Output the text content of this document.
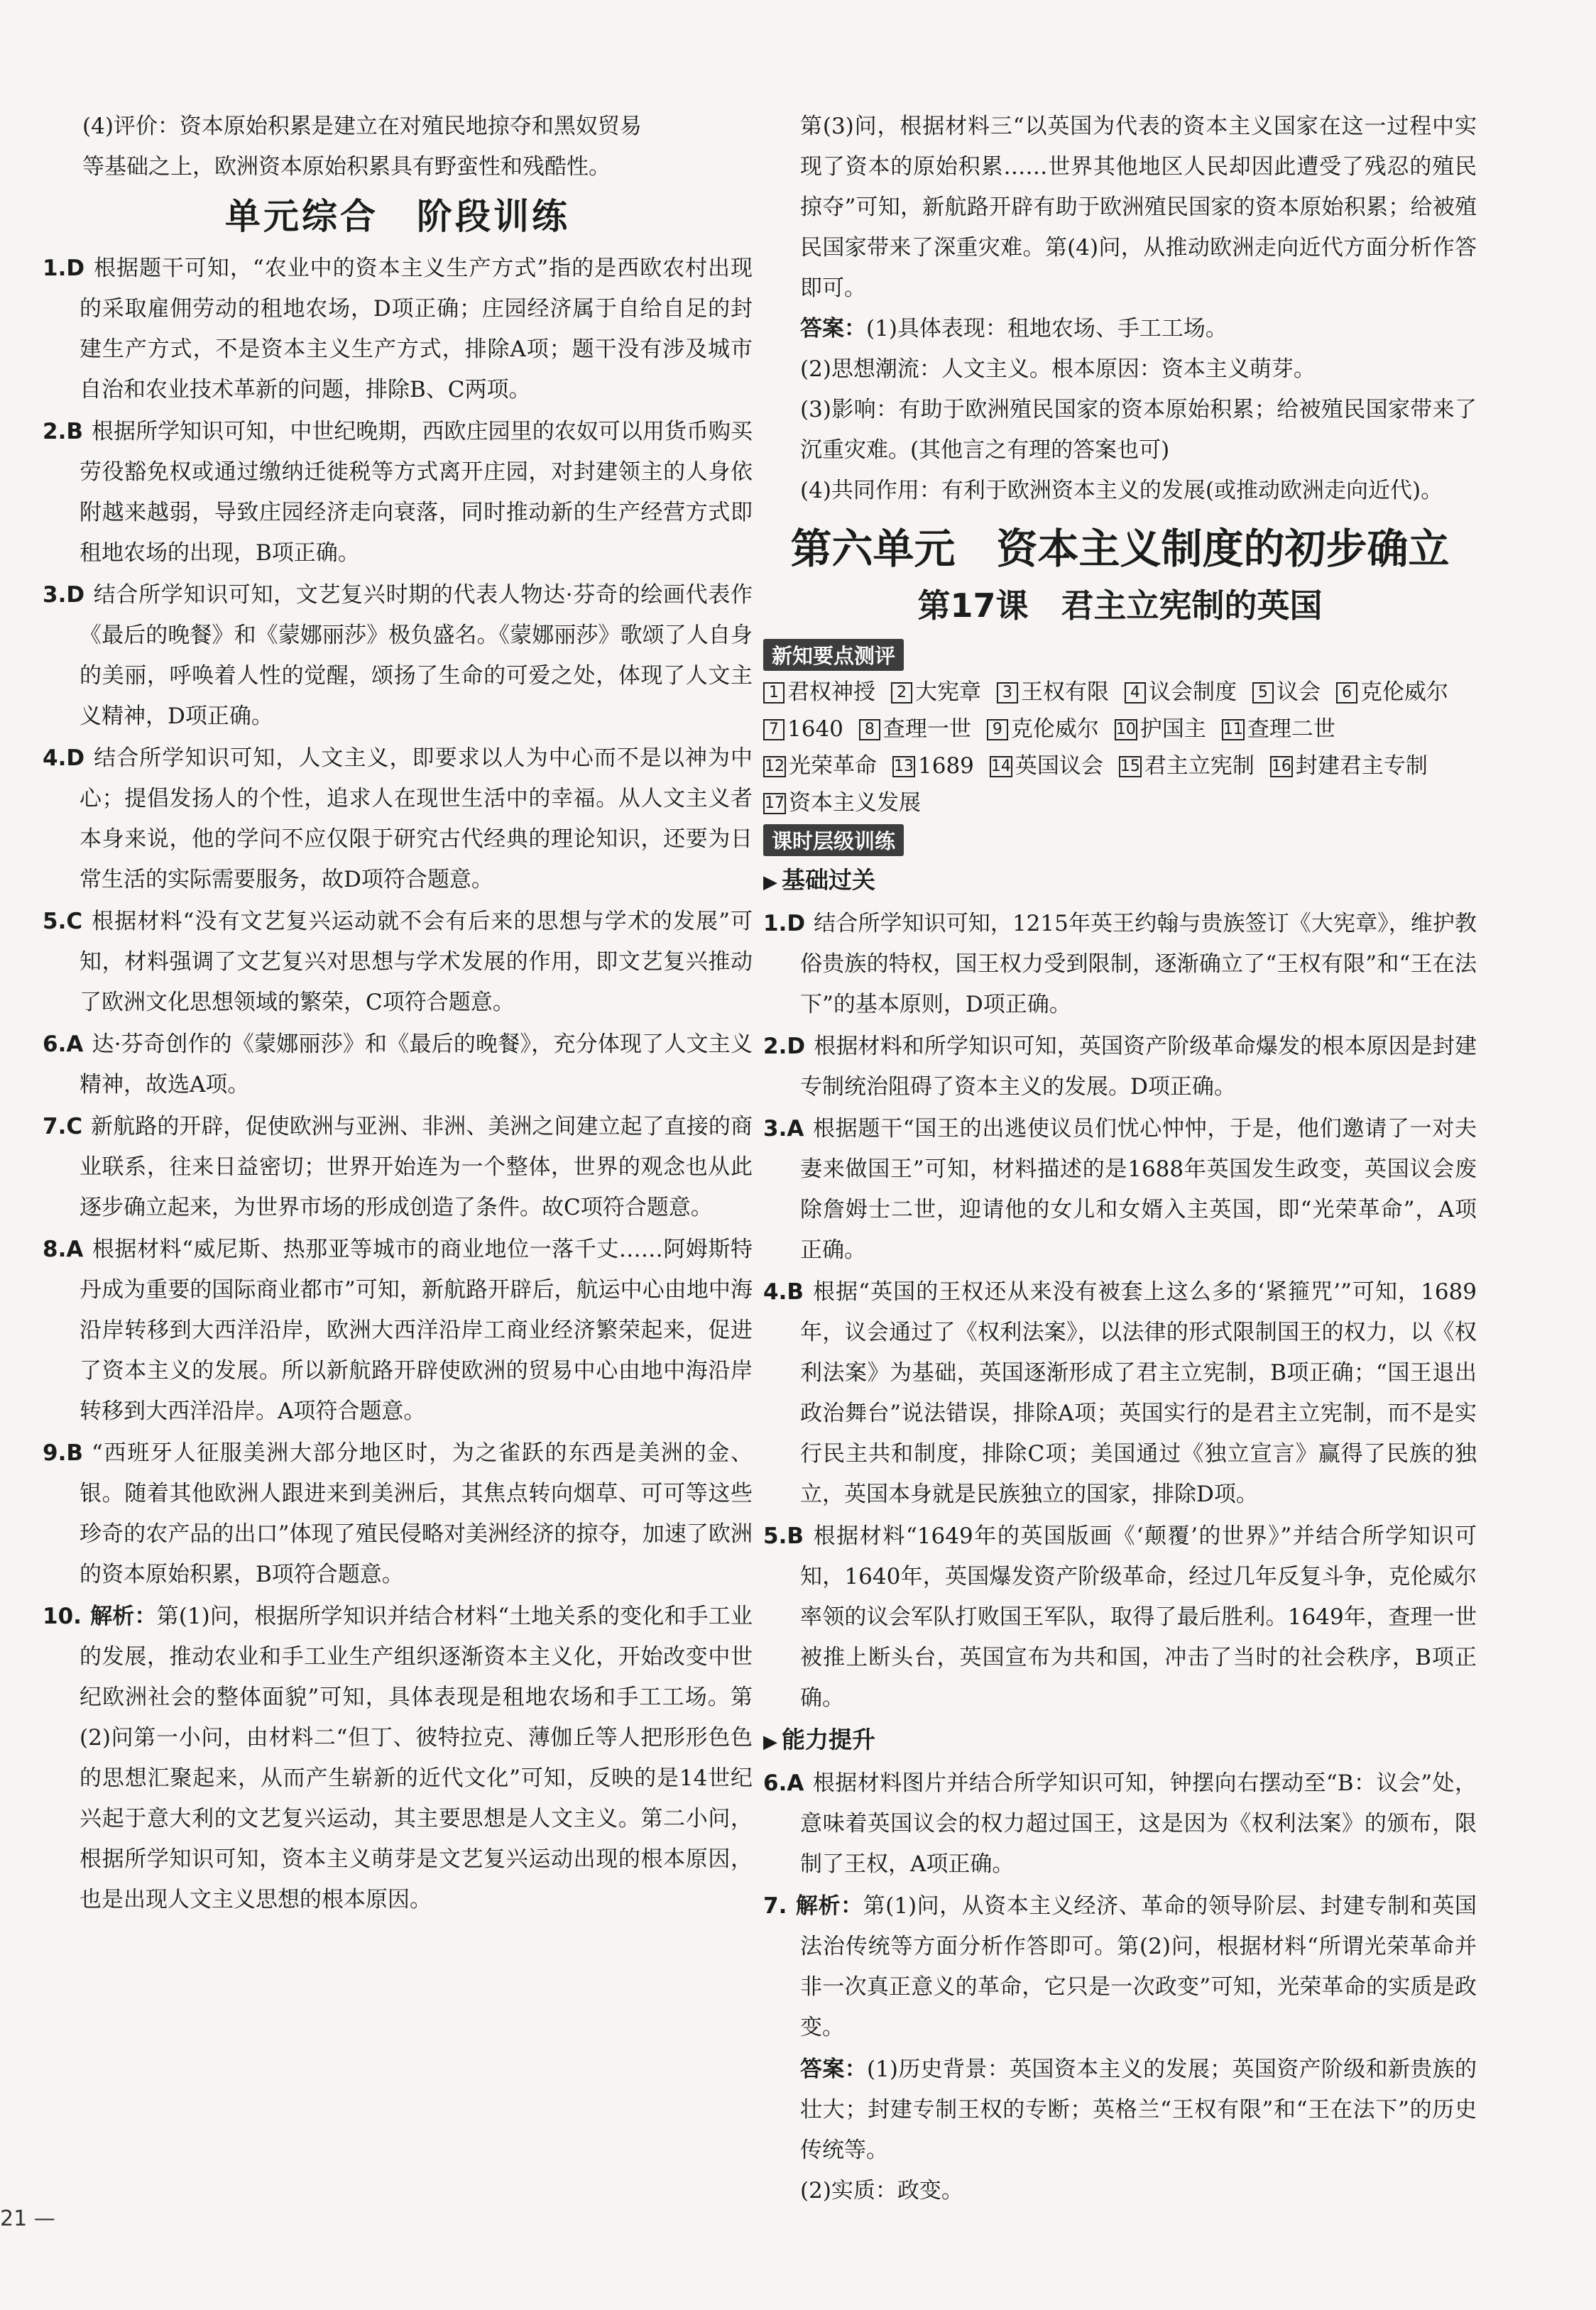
(4)评价：资本原始积累是建立在对殖民地掠夺和黑奴贸易

等基础之上，欧洲资本原始积累具有野蛮性和残酷性。

单元综合　阶段训练

1.D 根据题干可知，“农业中的资本主义生产方式”指的是西欧农村出现的采取雇佣劳动的租地农场，D项正确；庄园经济属于自给自足的封建生产方式，不是资本主义生产方式，排除A项；题干没有涉及城市自治和农业技术革新的问题，排除B、C两项。

2.B 根据所学知识可知，中世纪晚期，西欧庄园里的农奴可以用货币购买劳役豁免权或通过缴纳迁徙税等方式离开庄园，对封建领主的人身依附越来越弱，导致庄园经济走向衰落，同时推动新的生产经营方式即租地农场的出现，B项正确。

3.D 结合所学知识可知，文艺复兴时期的代表人物达·芬奇的绘画代表作《最后的晚餐》和《蒙娜丽莎》极负盛名。《蒙娜丽莎》歌颂了人自身的美丽，呼唤着人性的觉醒，颂扬了生命的可爱之处，体现了人文主义精神，D项正确。

4.D 结合所学知识可知，人文主义，即要求以人为中心而不是以神为中心；提倡发扬人的个性，追求人在现世生活中的幸福。从人文主义者本身来说，他的学问不应仅限于研究古代经典的理论知识，还要为日常生活的实际需要服务，故D项符合题意。

5.C 根据材料“没有文艺复兴运动就不会有后来的思想与学术的发展”可知，材料强调了文艺复兴对思想与学术发展的作用，即文艺复兴推动了欧洲文化思想领域的繁荣，C项符合题意。

6.A 达·芬奇创作的《蒙娜丽莎》和《最后的晚餐》，充分体现了人文主义精神，故选A项。

7.C 新航路的开辟，促使欧洲与亚洲、非洲、美洲之间建立起了直接的商业联系，往来日益密切；世界开始连为一个整体，世界的观念也从此逐步确立起来，为世界市场的形成创造了条件。故C项符合题意。

8.A 根据材料“威尼斯、热那亚等城市的商业地位一落千丈……阿姆斯特丹成为重要的国际商业都市”可知，新航路开辟后，航运中心由地中海沿岸转移到大西洋沿岸，欧洲大西洋沿岸工商业经济繁荣起来，促进了资本主义的发展。所以新航路开辟使欧洲的贸易中心由地中海沿岸转移到大西洋沿岸。A项符合题意。

9.B “西班牙人征服美洲大部分地区时，为之雀跃的东西是美洲的金、银。随着其他欧洲人跟进来到美洲后，其焦点转向烟草、可可等这些珍奇的农产品的出口”体现了殖民侵略对美洲经济的掠夺，加速了欧洲的资本原始积累，B项符合题意。

10. 解析：第(1)问，根据所学知识并结合材料“土地关系的变化和手工业的发展，推动农业和手工业生产组织逐渐资本主义化，开始改变中世纪欧洲社会的整体面貌”可知，具体表现是租地农场和手工工场。第(2)问第一小问，由材料二“但丁、彼特拉克、薄伽丘等人把形形色色的思想汇聚起来，从而产生崭新的近代文化”可知，反映的是14世纪兴起于意大利的文艺复兴运动，其主要思想是人文主义。第二小问，根据所学知识可知，资本主义萌芽是文艺复兴运动出现的根本原因，也是出现人文主义思想的根本原因。

第(3)问，根据材料三“以英国为代表的资本主义国家在这一过程中实现了资本的原始积累……世界其他地区人民却因此遭受了残忍的殖民掠夺”可知，新航路开辟有助于欧洲殖民国家的资本原始积累；给被殖民国家带来了深重灾难。第(4)问，从推动欧洲走向近代方面分析作答即可。

答案：(1)具体表现：租地农场、手工工场。

(2)思想潮流：人文主义。根本原因：资本主义萌芽。

(3)影响：有助于欧洲殖民国家的资本原始积累；给被殖民国家带来了沉重灾难。(其他言之有理的答案也可)

(4)共同作用：有利于欧洲资本主义的发展(或推动欧洲走向近代)。

第六单元　资本主义制度的初步确立
第17课　君主立宪制的英国
新知要点测评
1 君权神授	2 大宪章	3 王权有限	4 议会制度	5 议会	6 克伦威尔
7 1640	8 查理一世	9 克伦威尔 10 护国主 11 查理二世
12 光荣革命 13 1689 14 英国议会 15 君主立宪制 16 封建君主专制
17 资本主义发展
课时层级训练
▶ 基础过关

1.D 结合所学知识可知，1215年英王约翰与贵族签订《大宪章》，维护教俗贵族的特权，国王权力受到限制，逐渐确立了“王权有限”和“王在法下”的基本原则，D项正确。

2.D 根据材料和所学知识可知，英国资产阶级革命爆发的根本原因是封建专制统治阻碍了资本主义的发展。D项正确。

3.A 根据题干“国王的出逃使议员们忧心忡忡，于是，他们邀请了一对夫妻来做国王”可知，材料描述的是1688年英国发生政变，英国议会废除詹姆士二世，迎请他的女儿和女婿入主英国，即“光荣革命”，A项正确。

4.B 根据“英国的王权还从来没有被套上这么多的‘紧箍咒’”可知，1689年，议会通过了《权利法案》，以法律的形式限制国王的权力，以《权利法案》为基础，英国逐渐形成了君主立宪制，B项正确；“国王退出政治舞台”说法错误，排除A项；英国实行的是君主立宪制，而不是实行民主共和制度，排除C项；美国通过《独立宣言》赢得了民族的独立，英国本身就是民族独立的国家，排除D项。

5.B 根据材料“1649年的英国版画《‘颠覆’的世界》”并结合所学知识可知，1640年，英国爆发资产阶级革命，经过几年反复斗争，克伦威尔率领的议会军队打败国王军队，取得了最后胜利。1649年，查理一世被推上断头台，英国宣布为共和国，冲击了当时的社会秩序，B项正确。

▶ 能力提升

6.A 根据材料图片并结合所学知识可知，钟摆向右摆动至“B：议会”处，意味着英国议会的权力超过国王，这是因为《权利法案》的颁布，限制了王权，A项正确。

7. 解析：第(1)问，从资本主义经济、革命的领导阶层、封建专制和英国法治传统等方面分析作答即可。第(2)问，根据材料“所谓光荣革命并非一次真正意义的革命，它只是一次政变”可知，光荣革命的实质是政变。

答案：(1)历史背景：英国资本主义的发展；英国资产阶级和新贵族的壮大；封建专制王权的专断；英格兰“王权有限”和“王在法下”的历史传统等。

(2)实质：政变。

21 —
